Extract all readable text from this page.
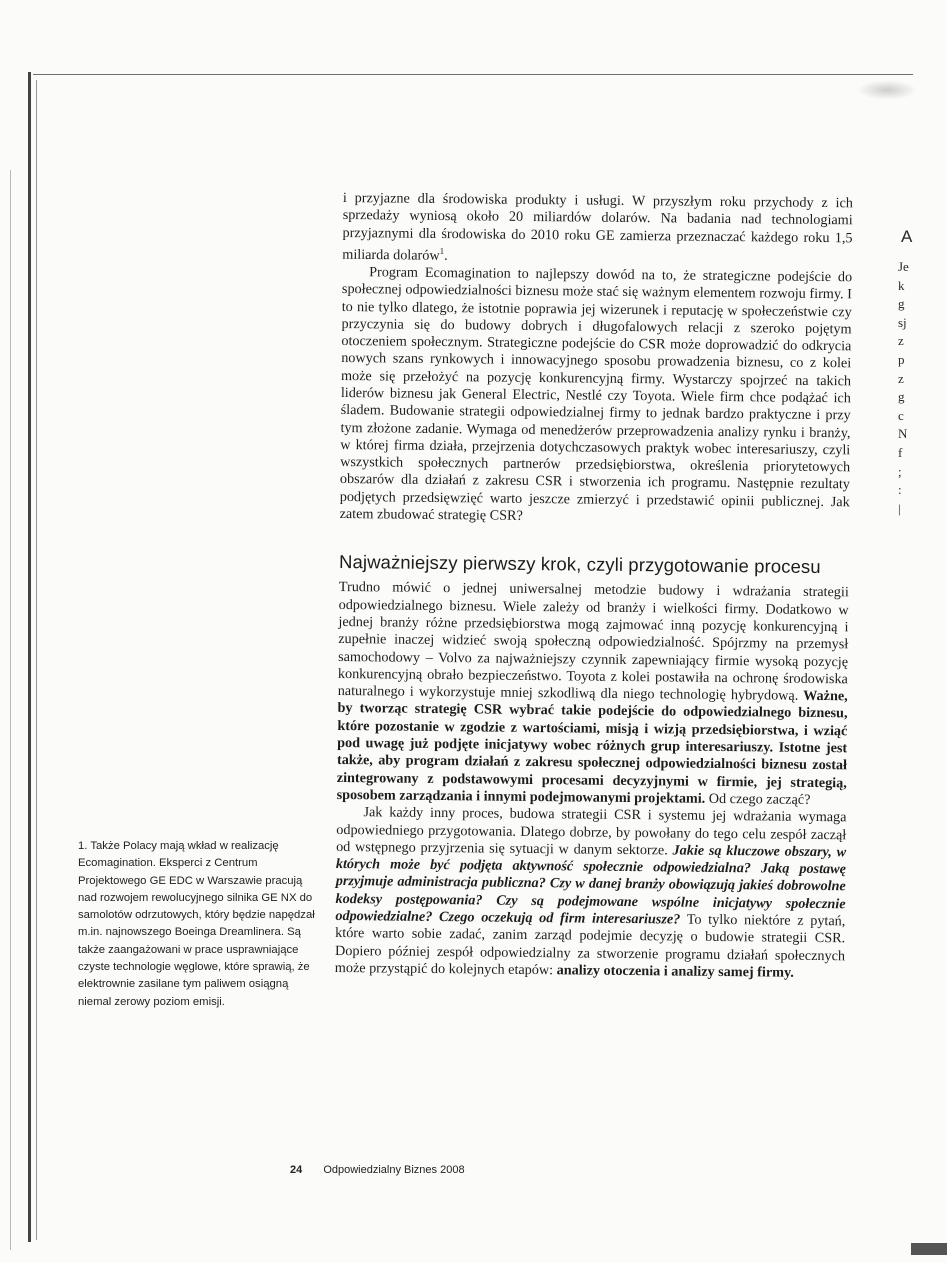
i przyjazne dla środowiska produkty i usługi. W przyszłym roku przychody z ich sprzedaży wyniosą około 20 miliardów dolarów. Na badania nad technologiami przyjaznymi dla środowiska do 2010 roku GE zamierza przeznaczać każdego roku 1,5 miliarda dolarów$^1$.

Program Ecomagination to najlepszy dowód na to, że strategiczne podejście do społecznej odpowiedzialności biznesu może stać się ważnym elementem rozwoju firmy. I to nie tylko dlatego, że istotnie poprawia jej wizerunek i reputację w społeczeństwie czy przyczynia się do budowy dobrych i długofalowych relacji z szeroko pojętym otoczeniem społecznym. Strategiczne podejście do CSR może doprowadzić do odkrycia nowych szans rynkowych i innowacyjnego sposobu prowadzenia biznesu, co z kolei może się przełożyć na pozycję konkurencyjną firmy. Wystarczy spojrzeć na takich liderów biznesu jak General Electric, Nestlé czy Toyota. Wiele firm chce podążać ich śladem. Budowanie strategii odpowiedzialnej firmy to jednak bardzo praktyczne i przy tym złożone zadanie. Wymaga od menedżerów przeprowadzenia analizy rynku i branży, w której firma działa, przejrzenia dotychczasowych praktyk wobec interesariuszy, czyli wszystkich społecznych partnerów przedsiębiorstwa, określenia priorytetowych obszarów dla działań z zakresu CSR i stworzenia ich programu. Następnie rezultaty podjętych przedsięwzięć warto jeszcze zmierzyć i przedstawić opinii publicznej. Jak zatem zbudować strategię CSR?

Najważniejszy pierwszy krok, czyli przygotowanie procesu

Trudno mówić o jednej uniwersalnej metodzie budowy i wdrażania strategii odpowiedzialnego biznesu. Wiele zależy od branży i wielkości firmy. Dodatkowo w jednej branży różne przedsiębiorstwa mogą zajmować inną pozycję konkurencyjną i zupełnie inaczej widzieć swoją społeczną odpowiedzialność. Spójrzmy na przemysł samochodowy – Volvo za najważniejszy czynnik zapewniający firmie wysoką pozycję konkurencyjną obrało bezpieczeństwo. Toyota z kolei postawiła na ochronę środowiska naturalnego i wykorzystuje mniej szkodliwą dla niego technologię hybrydową. Ważne, by tworząc strategię CSR wybrać takie podejście do odpowiedzialnego biznesu, które pozostanie w zgodzie z wartościami, misją i wizją przedsiębiorstwa, i wziąć pod uwagę już podjęte inicjatywy wobec różnych grup interesariuszy. Istotne jest także, aby program działań z zakresu społecznej odpowiedzialności biznesu został zintegrowany z podstawowymi procesami decyzyjnymi w firmie, jej strategią, sposobem zarządzania i innymi podejmowanymi projektami. Od czego zacząć?

Jak każdy inny proces, budowa strategii CSR i systemu jej wdrażania wymaga odpowiedniego przygotowania. Dlatego dobrze, by powołany do tego celu zespół zaczął od wstępnego przyjrzenia się sytuacji w danym sektorze. Jakie są kluczowe obszary, w których może być podjęta aktywność społecznie odpowiedzialna? Jaką postawę przyjmuje administracja publiczna? Czy w danej branży obowiązują jakieś dobrowolne kodeksy postępowania? Czy są podejmowane wspólne inicjatywy społecznie odpowiedzialne? Czego oczekują od firm interesariusze? To tylko niektóre z pytań, które warto sobie zadać, zanim zarząd podejmie decyzję o budowie strategii CSR. Dopiero później zespół odpowiedzialny za stworzenie programu działań społecznych może przystąpić do kolejnych etapów: analizy otoczenia i analizy samej firmy.

1. Także Polacy mają wkład w realizację Ecomagination. Eksperci z Centrum Projektowego GE EDC w Warszawie pracują nad rozwojem rewolucyjnego silnika GE NX do samolotów odrzutowych, który będzie napędzał m.in. najnowszego Boeinga Dreamlinera. Są także zaangażowani w prace usprawniające czyste technologie węglowe, które sprawią, że elektrownie zasilane tym paliwem osiągną niemal zerowy poziom emisji.

24 Odpowiedzialny Biznes 2008
A
Je
k
g
sj
z
p
z
g
c
N
f
;
:
|
